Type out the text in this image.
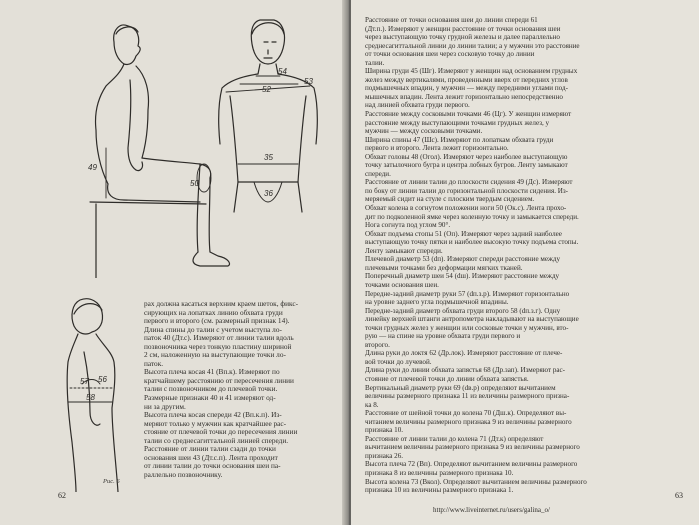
49
50
52
54
53
35
36
57 56
58
Рис. 6
рах должна касаться верхним краем шеток, фикс-
сирующих на лопатках линию обхвата груди
первого и второго (см. размерный признак 14).
Длина спины до талии с учетом выступа ло-
паток 40 (Дт.с). Измеряют от линии талии вдоль
позвоночника через тонкую пластину шириной
2 см, наложенную на выступающие точки ло-
паток.
Высота плеча косая 41 (Вп.к). Измеряют по
кратчайшему расстоянию от пересечения линии
талии с позвоночником до плечевой точки.
Размерные признаки 40 и 41 измеряют од-
ни за другим.
Высота плеча косая спереди 42 (Вп.к.п). Из-
меряют только у мужчин как кратчайшее рас-
стояние от плечевой точки до пересечения линии
талии со среднесагиттальной линией спереди.
Расстояние от линии талии сзади до точки
основания шеи 43 (Дт.с.п). Лента проходит
от линии талии до точки основания шеи па-
раллельно позвоночнику.
62
Расстояние от точки основания шеи до линии спереди 61
(Дт.п.). Измеряют у женщин расстояние от точки основания шеи
через выступающую точку грудной железы и далее параллельно
среднесагиттальной линии до линии талии; а у мужчин это расстояние
от точки основания шеи через сосковую точку до линии
талии.
Ширина груди 45 (Шг). Измеряют у женщин над основанием грудных
желез между вертикалями, проведенными вверх от передних углов
подмышечных впадин, у мужчин — между передними углами под-
мышечных впадин. Лента лежит горизонтально непосредственно
над линией обхвата груди первого.
Расстояние между сосковыми точками 46 (Цг). У женщин измеряют
расстояние между выступающими точками грудных желез, у
мужчин — между сосковыми точками.
Ширина спины 47 (Шс). Измеряют по лопаткам обхвата груди
первого и второго. Лента лежит горизонтально.
Обхват головы 48 (Огол). Измеряют через наиболее выступающую
точку затылочного бугра и центра лобных бугров. Ленту замыкают
спереди.
Расстояние от линии талии до плоскости сидения 49 (Дс). Измеряют
по боку от линии талии до горизонтальной плоскости сидения. Из-
меряемый сидит на стуле с плоским твердым сидением.
Обхват колена в согнутом положении ноги 50 (Ок.с). Лента прохо-
дит по подколенной ямке через коленную точку и замыкается спереди.
Нога согнута под углом 90°.
Обхват подъема стопы 51 (Оп). Измеряют через задний наиболее
выступающую точку пятки и наиболее высокую точку подъема стопы.
Ленту замыкают спереди.
Плечевой диаметр 53 (dп). Измеряют спереди расстояние между
плечевыми точками без деформации мягких тканей.
Поперечный диаметр шеи 54 (dш). Измеряют расстояние между
точками основания шеи.
Передне-задний диаметр руки 57 (dп.з.р). Измеряют горизонтально
на уровне заднего угла подмышечной впадины.
Передне-задний диаметр обхвата груди второго 58 (dп.з.г). Одну
линейку верхней штанги антропометра накладывают на выступающие
точки грудных желез у женщин или сосковые точки у мужчин, вто-
рую — на спине на уровне обхвата груди первого и
второго.
Длина руки до локтя 62 (Др.лок). Измеряют расстояние от плече-
вой точки до лучевой.
Длина руки до линии обхвата запястья 68 (Др.зап). Измеряют рас-
стояние от плечевой точки до линии обхвата запястья.
Вертикальный диаметр руки 69 (dв.р) определяют вычитанием
величины размерного признака 11 из величины размерного призна-
ка 8.
Расстояние от шейной точки до колена 70 (Дш.к). Определяют вы-
читанием величины размерного признака 9 из величины размерного
признака 10.
Расстояние от линии талии до колена 71 (Дт.к) определяют
вычитанием величины размерного признака 9 из величины размерного
признака 26.
Высота плеча 72 (Вп). Определяют вычитанием величины размерного
признака 8 из величины размерного признака 10.
Высота колена 73 (Вкол). Определяют вычитанием величины размерного
признака 10 из величины размерного признака 1.
http://www.liveinternet.ru/users/galina_o/
63
